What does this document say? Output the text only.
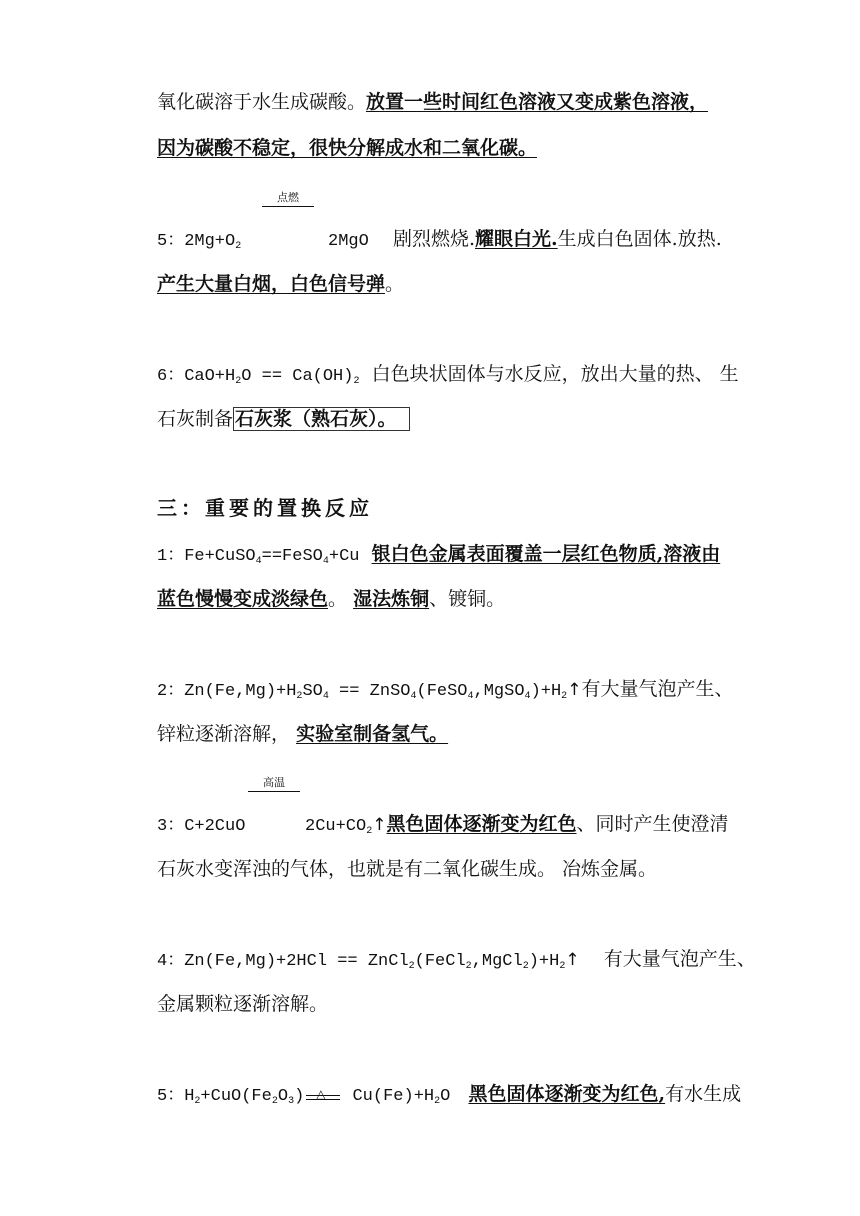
氧化碳溶于水生成碳酸。放置一些时间红色溶液又变成紫色溶液，
因为碳酸不稳定，很快分解成水和二氧化碳。
点燃
5：$2Mg+O_2$	2MgO 剧烈燃烧.耀眼白光.生成白色固体.放热.
产生大量白烟，白色信号弹。
6：$CaO+H_2O == Ca(OH)_2$ 白色块状固体与水反应，放出大量的热、 生
石灰制备 石灰浆（熟石灰）。
三：重要的置换反应
1：Fe+CuSO$_4$==FeSO$_4$+Cu 银白色金属表面覆盖一层红色物质,溶液由
蓝色慢慢变成淡绿色。 湿法炼铜、镀铜。
2：$Zn(Fe,Mg)+H_2SO_4$ == $ZnSO_4(FeSO_4,MgSO_4)+H_2↑$有大量气泡产生、
锌粒逐渐溶解， 实验室制备氢气。
高温
3：C+2CuO	$2Cu+CO_2↑$黑色固体逐渐变为红色、同时产生使澄清
石灰水变浑浊的气体，也就是有二氧化碳生成。 冶炼金属。
4：$Zn(Fe,Mg)+2HCl == ZnCl_2(FeCl_2,MgCl_2)+H_2↑$ 有大量气泡产生、
金属颗粒逐渐溶解。
5：$H_2+CuO(Fe_2O_3)$ △ $Cu(Fe)+H_2O$ 黑色固体逐渐变为红色,有水生成
